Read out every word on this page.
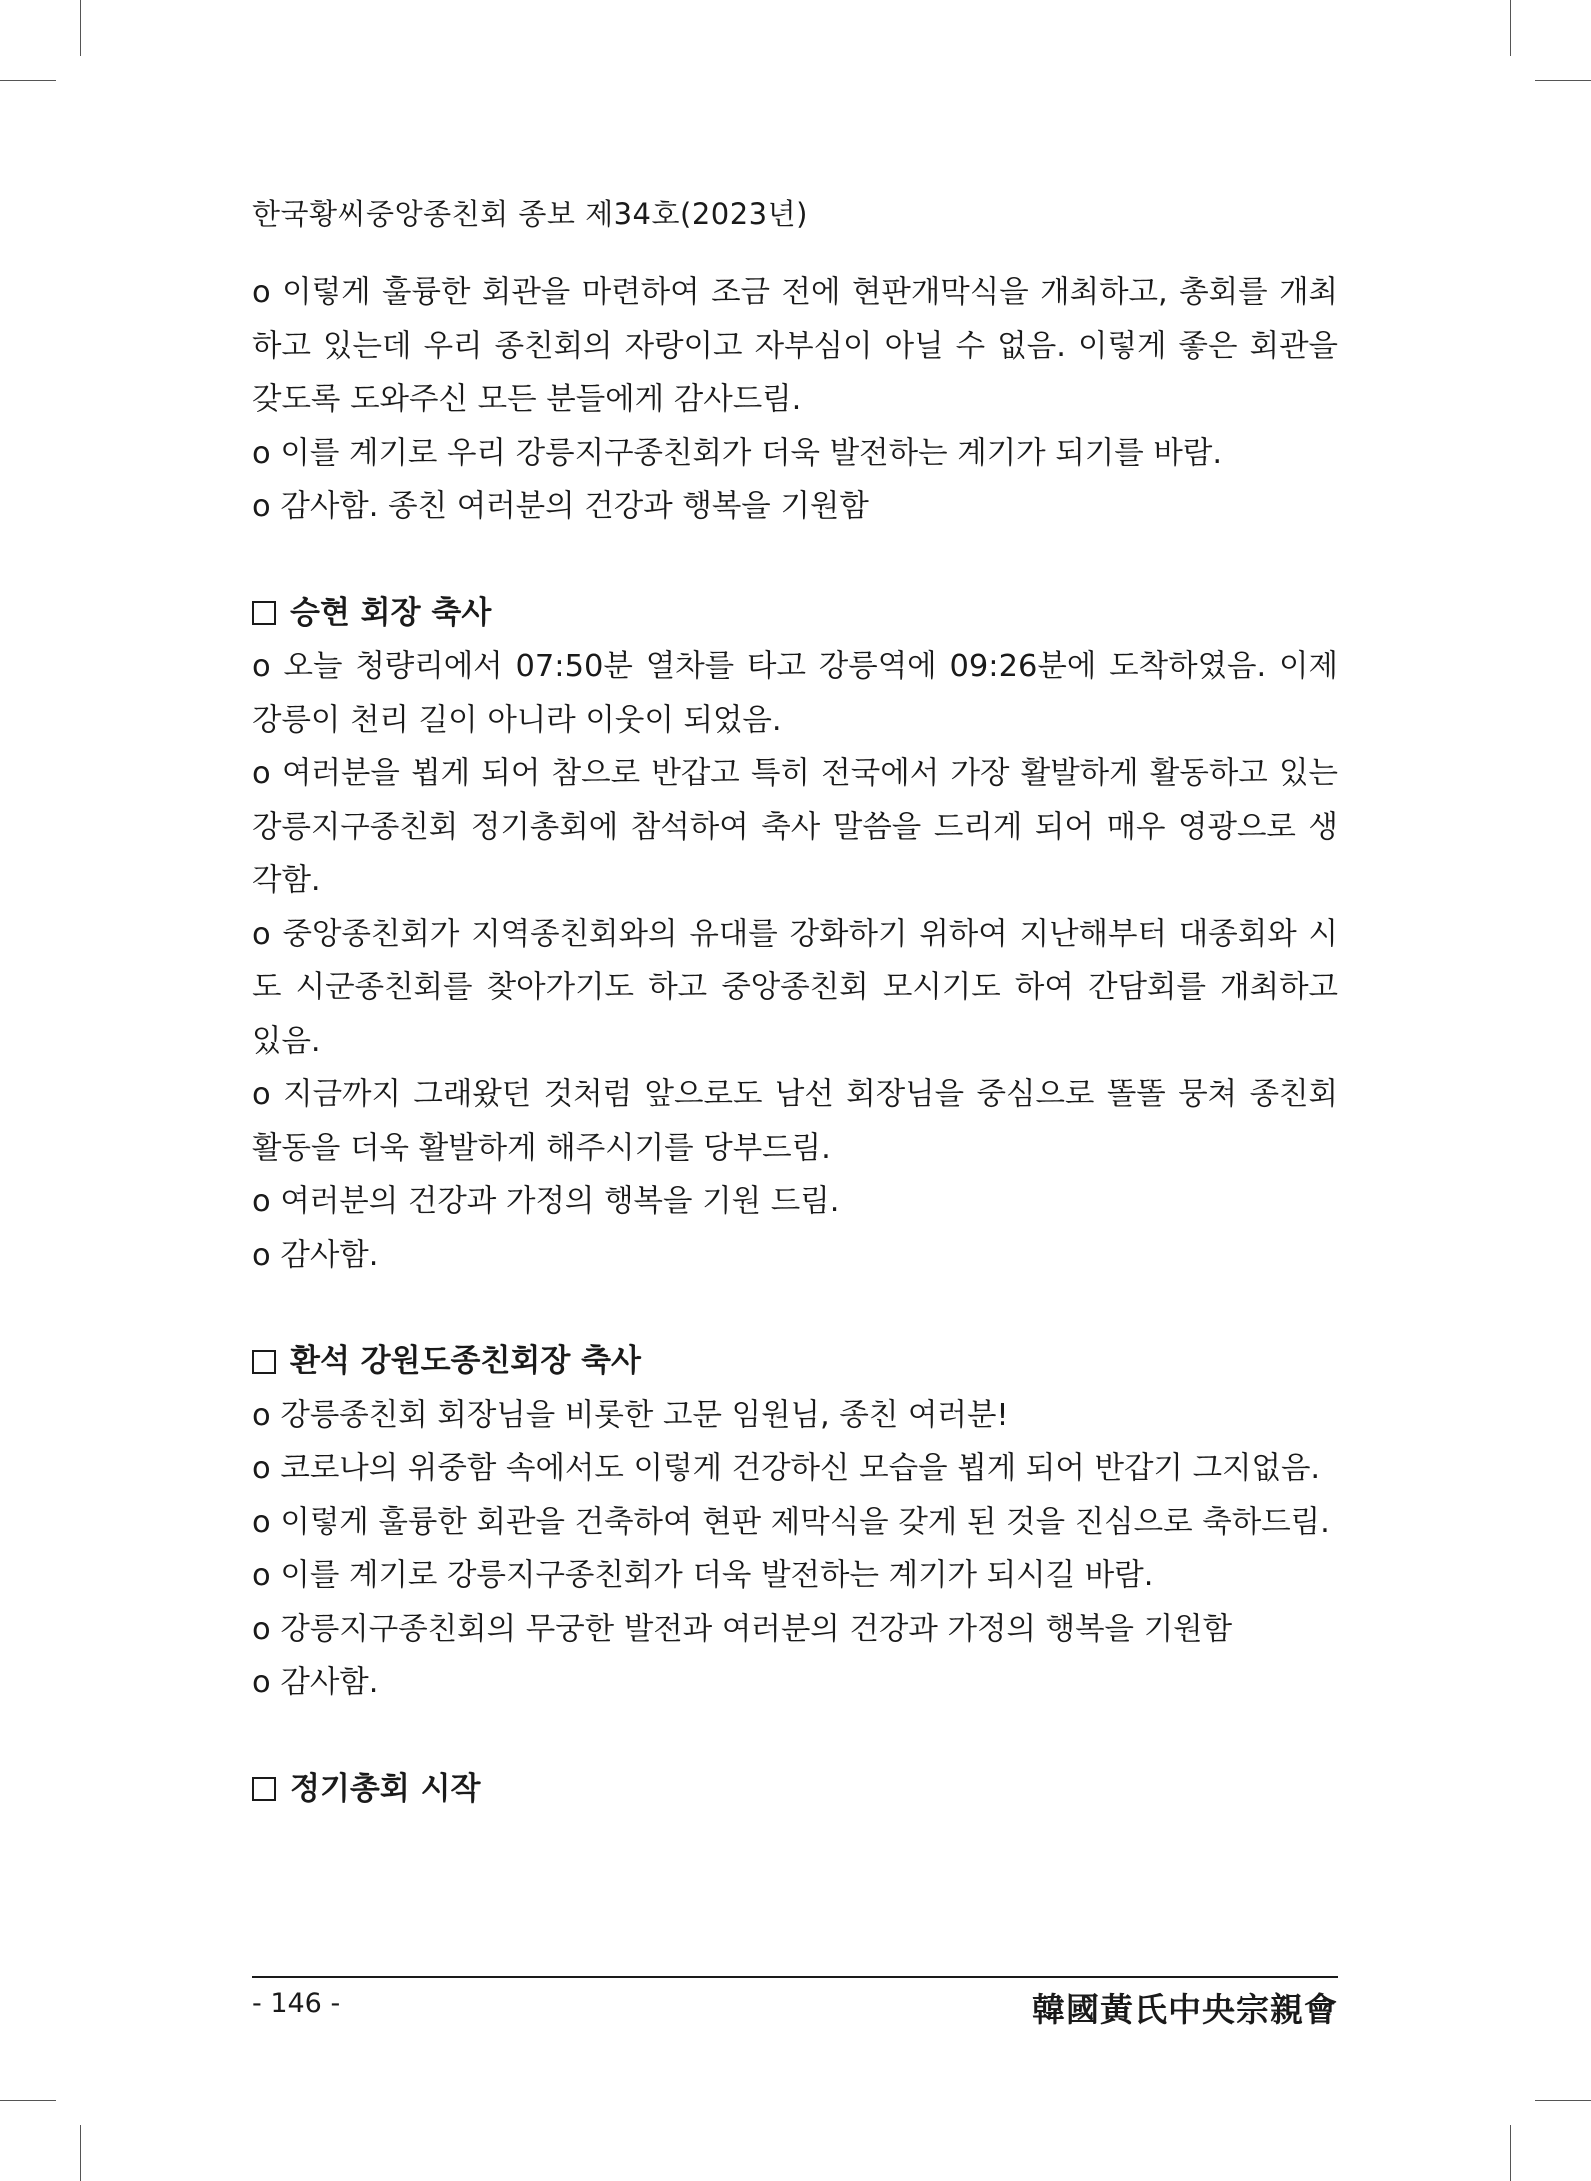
한국황씨중앙종친회 종보 제34호(2023년)

o 이렇게 훌륭한 회관을 마련하여 조금 전에 현판개막식을 개최하고, 총회를 개최하고 있는데 우리 종친회의 자랑이고 자부심이 아닐 수 없음. 이렇게 좋은 회관을 갖도록 도와주신 모든 분들에게 감사드림.

o 이를 계기로 우리 강릉지구종친회가 더욱 발전하는 계기가 되기를 바람.

o 감사함. 종친 여러분의 건강과 행복을 기원함

승현 회장 축사

o 오늘 청량리에서 07:50분 열차를 타고 강릉역에 09:26분에 도착하였음. 이제 강릉이 천리 길이 아니라 이웃이 되었음.

o 여러분을 뵙게 되어 참으로 반갑고 특히 전국에서 가장 활발하게 활동하고 있는 강릉지구종친회 정기총회에 참석하여 축사 말씀을 드리게 되어 매우 영광으로 생각함.

o 중앙종친회가 지역종친회와의 유대를 강화하기 위하여 지난해부터 대종회와 시도 시군종친회를 찾아가기도 하고 중앙종친회 모시기도 하여 간담회를 개최하고 있음.

o 지금까지 그래왔던 것처럼 앞으로도 남선 회장님을 중심으로 똘똘 뭉쳐 종친회 활동을 더욱 활발하게 해주시기를 당부드림.

o 여러분의 건강과 가정의 행복을 기원 드림.

o 감사함.

환석 강원도종친회장 축사

o 강릉종친회 회장님을 비롯한 고문 임원님, 종친 여러분!

o 코로나의 위중함 속에서도 이렇게 건강하신 모습을 뵙게 되어 반갑기 그지없음.

o 이렇게 훌륭한 회관을 건축하여 현판 제막식을 갖게 된 것을 진심으로 축하드림.

o 이를 계기로 강릉지구종친회가 더욱 발전하는 계기가 되시길 바람.

o 강릉지구종친회의 무궁한 발전과 여러분의 건강과 가정의 행복을 기원함

o 감사함.

정기총회 시작
- 146 -	韓國黃氏中央宗親會
